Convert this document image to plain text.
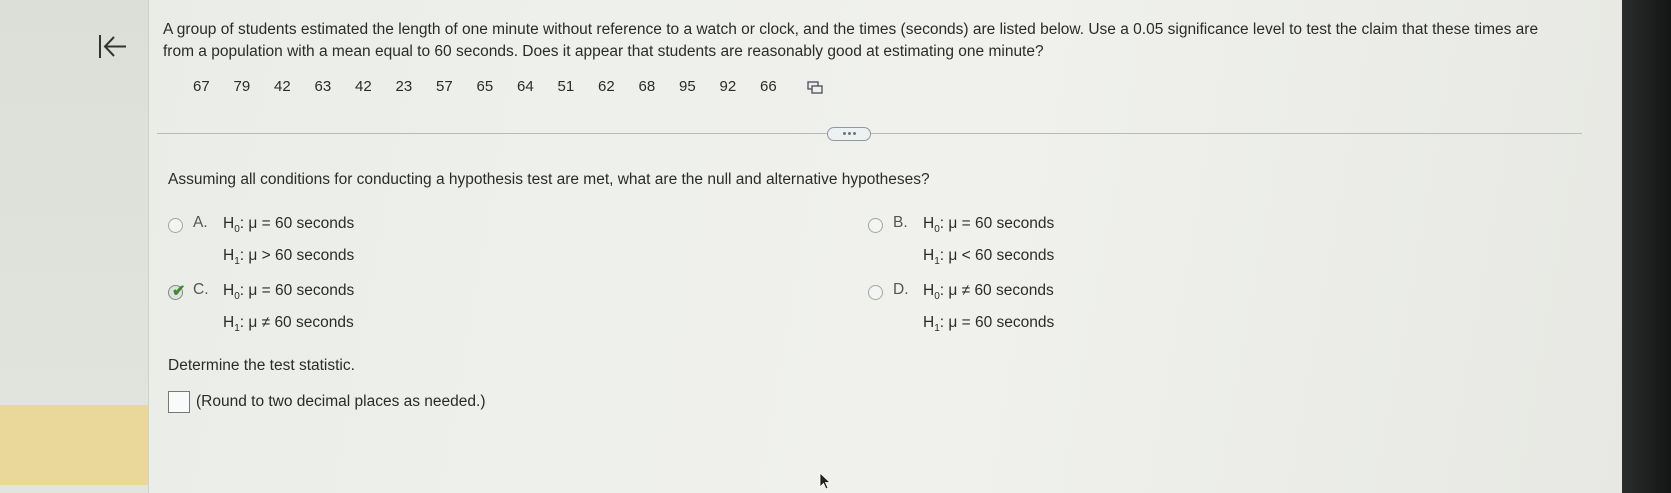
A group of students estimated the length of one minute without reference to a watch or clock, and the times (seconds) are listed below. Use a 0.05 significance level to test the claim that these times are from a population with a mean equal to 60 seconds. Does it appear that students are reasonably good at estimating one minute?
67	79	42	63	42	23	57	65	64	51	62	68	95	92	66
Assuming all conditions for conducting a hypothesis test are met, what are the null and alternative hypotheses?
A. $H_0$: μ = 60 seconds
$H_1$: μ > 60 seconds
B. $H_0$: μ = 60 seconds
$H_1$: μ < 60 seconds
✔ C. $H_0$: μ = 60 seconds
$H_1$: μ ≠ 60 seconds
D. $H_0$: μ ≠ 60 seconds
$H_1$: μ = 60 seconds
Determine the test statistic.
(Round to two decimal places as needed.)
